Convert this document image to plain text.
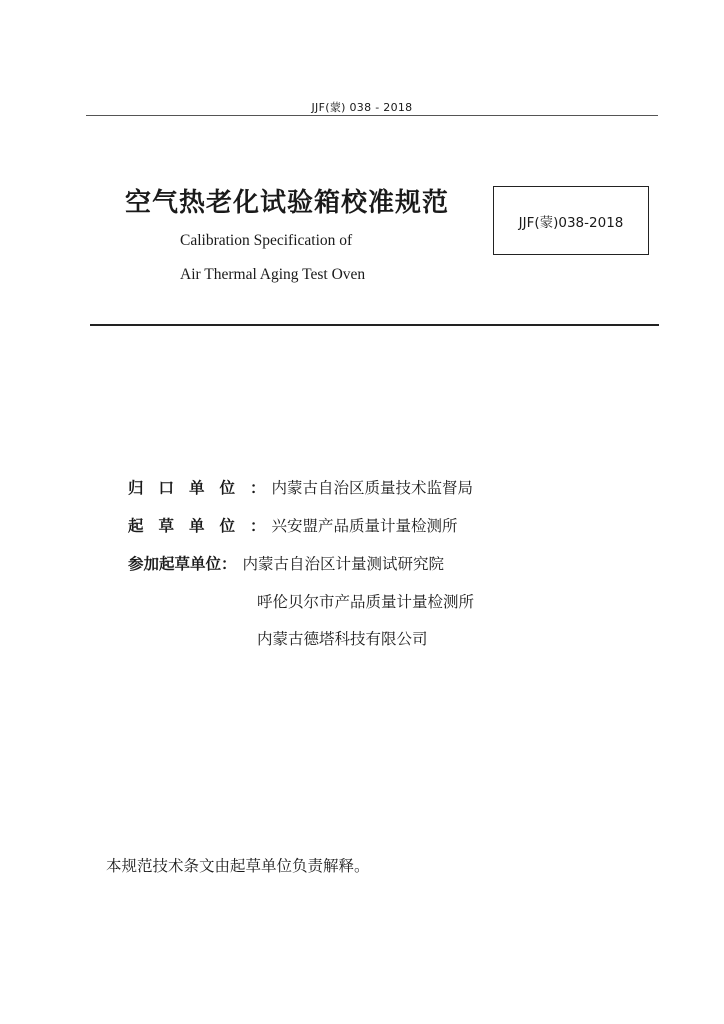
JJF(蒙) 038 - 2018
空气热老化试验箱校准规范
Calibration Specification of
Air Thermal Aging Test Oven
JJF(蒙)038-2018
归口单位 ： 内蒙古自治区质量技术监督局
起草单位 ： 兴安盟产品质量计量检测所
参加起草单位 ： 内蒙古自治区计量测试研究院
呼伦贝尔市产品质量计量检测所
内蒙古德塔科技有限公司
本规范技术条文由起草单位负责解释。
